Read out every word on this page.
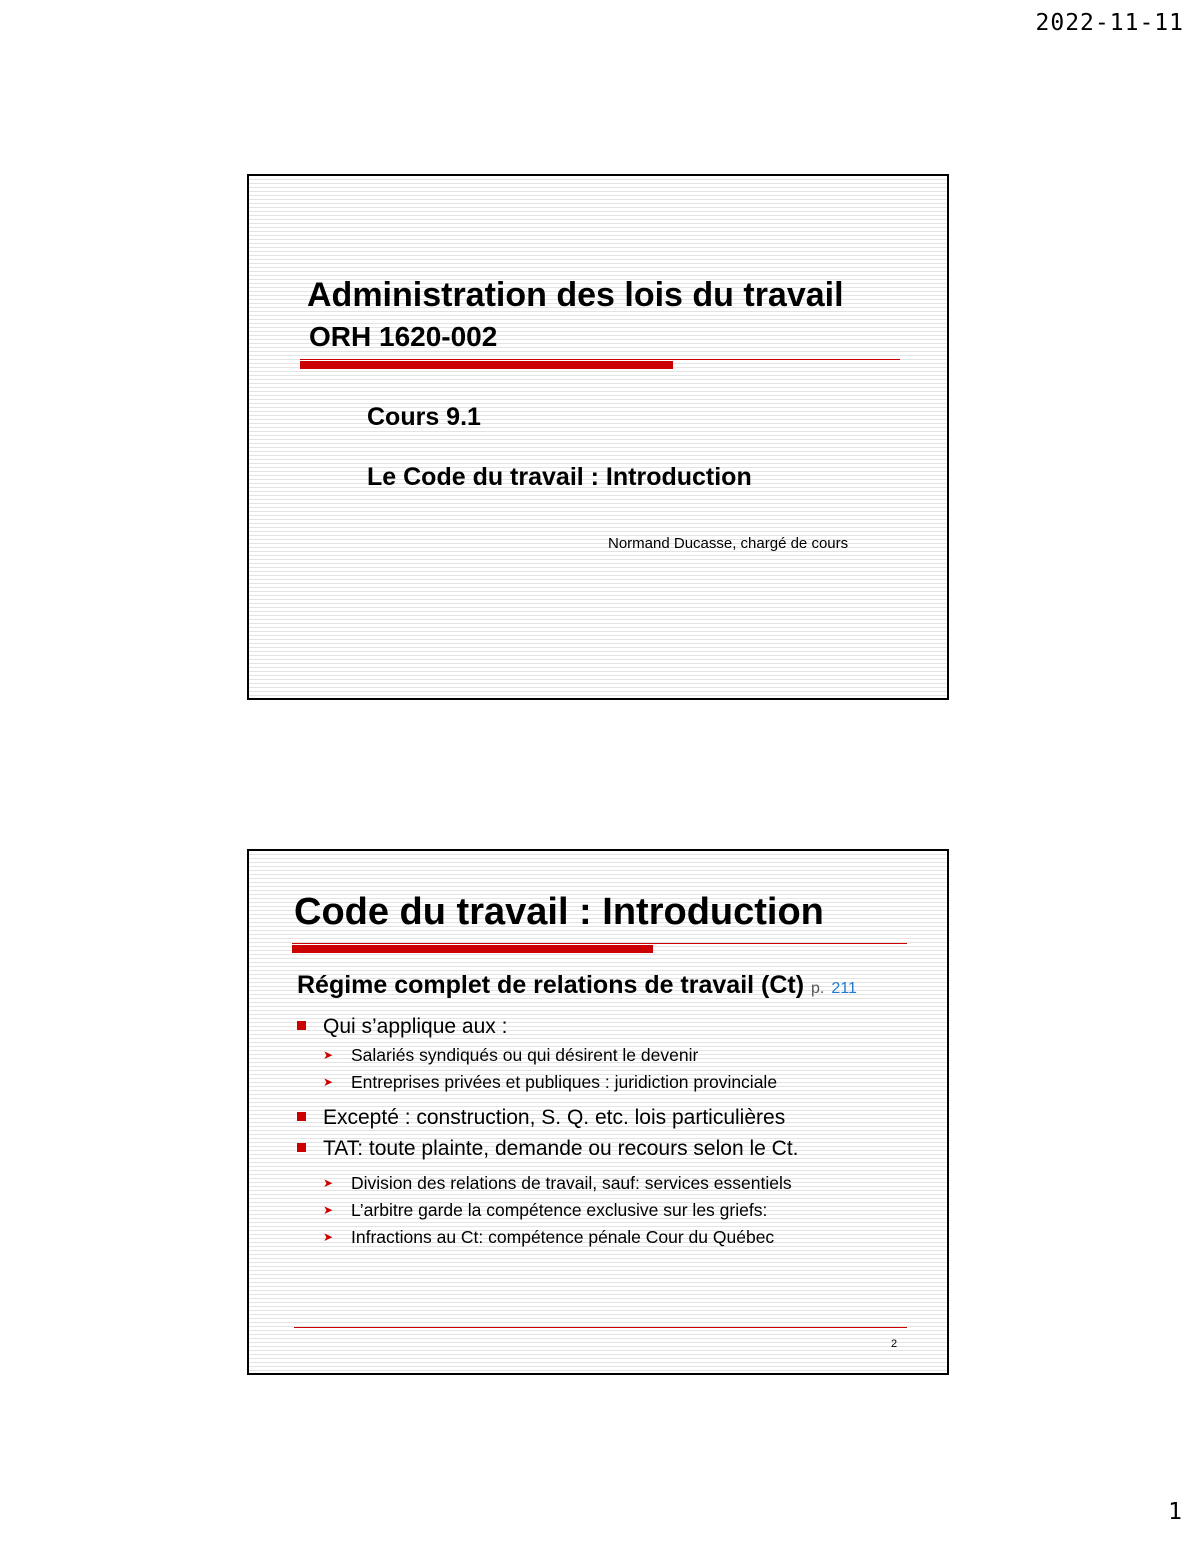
2022-11-11
Administration des lois du travail
ORH 1620-002
Cours 9.1
Le Code du travail : Introduction
Normand Ducasse, chargé de cours
Code du travail : Introduction
Régime complet de relations de travail (Ct) p. 211
Qui s’applique aux :
➤ Salariés syndiqués ou qui désirent le devenir
➤ Entreprises privées et publiques : juridiction provinciale
Excepté : construction, S. Q. etc. lois particulières
TAT: toute plainte, demande ou recours selon le Ct.
➤ Division des relations de travail, sauf: services essentiels
➤ L’arbitre garde la compétence exclusive sur les griefs:
➤ Infractions au Ct: compétence pénale Cour du Québec
2
1
